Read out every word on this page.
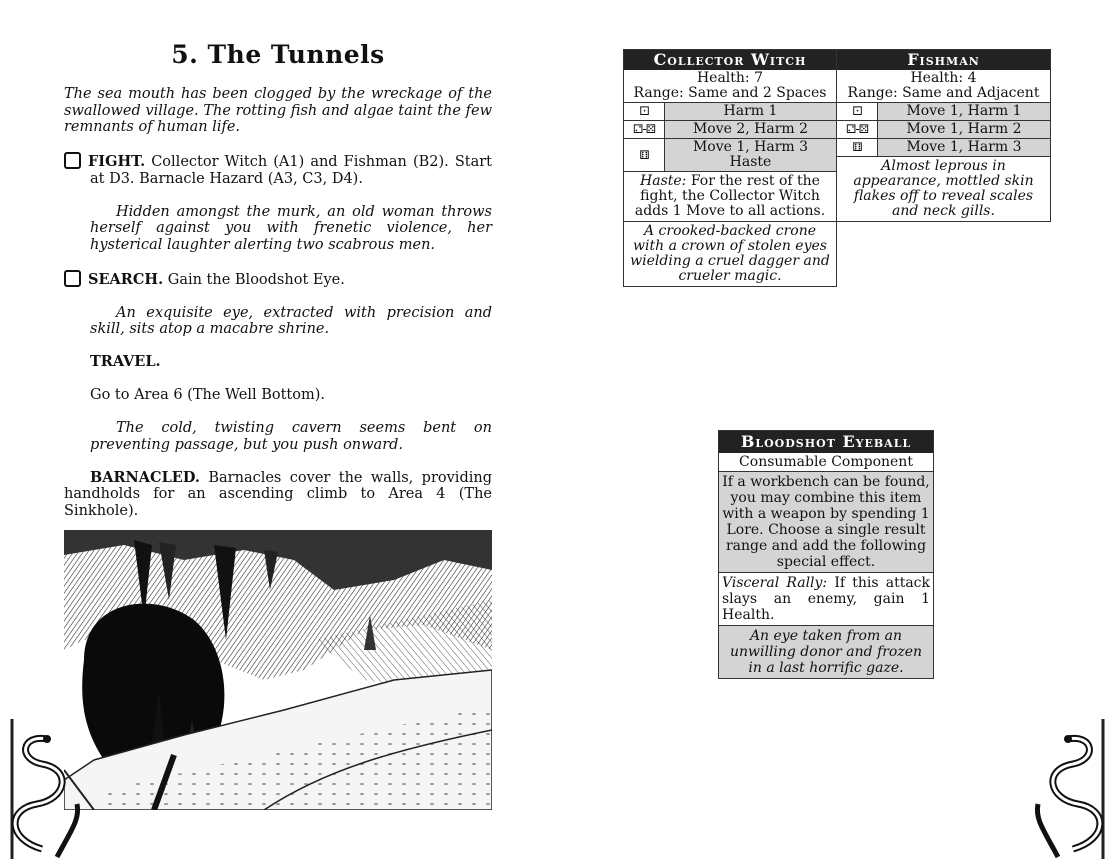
5. The Tunnels

The sea mouth has been clogged by the wreckage of the swallowed village. The rotting fish and algae taint the few remnants of human life.

FIGHT. Collector Witch (A1) and Fishman (B2). Start at D3. Barnacle Hazard (A3, C3, D4).

Hidden amongst the murk, an old woman throws herself against you with frenetic violence, her hysterical laughter alerting two scabrous men.

SEARCH. Gain the Bloodshot Eye.

An exquisite eye, extracted with precision and skill, sits atop a macabre shrine.

TRAVEL.

Go to Area 6 (The Well Bottom).

The cold, twisting cavern seems bent on preventing passage, but you push onward.

BARNACLED. Barnacles cover the walls, providing handholds for an ascending climb to Area 4 (The Sinkhole).

Collector Witch
Health: 7
Range: Same and 2 Spaces
⚀	Harm 1
⚁-⚄	Move 2, Harm 2
⚅	Move 1, Harm 3
Haste
Haste: For the rest of the fight, the Collector Witch adds 1 Move to all actions.
A crooked-backed crone with a crown of stolen eyes wielding a cruel dagger and crueler magic.
Fishman
Health: 4
Range: Same and Adjacent
⚀	Move 1, Harm 1
⚁-⚄	Move 1, Harm 2
⚅	Move 1, Harm 3
Almost leprous in appearance, mottled skin flakes off to reveal scales and neck gills.
Bloodshot Eyeball
Consumable Component
If a workbench can be found, you may combine this item with a weapon by spending 1 Lore. Choose a single result range and add the following special effect.
Visceral Rally: If this attack slays an enemy, gain 1 Health.
An eye taken from an unwilling donor and frozen in a last horrific gaze.
